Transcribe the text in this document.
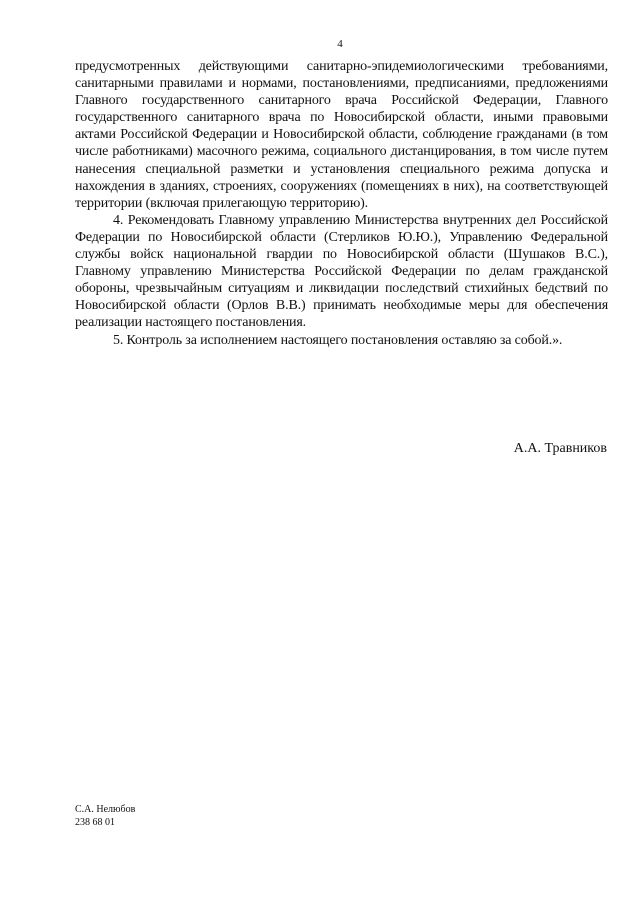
4

предусмотренных действующими санитарно-эпидемиологическими требованиями, санитарными правилами и нормами, постановлениями, предписаниями, предложениями Главного государственного санитарного врача Российской Федерации, Главного государственного санитарного врача по Новосибирской области, иными правовыми актами Российской Федерации и Новосибирской области, соблюдение гражданами (в том числе работниками) масочного режима, социального дистанцирования, в том числе путем нанесения специальной разметки и установления специального режима допуска и нахождения в зданиях, строениях, сооружениях (помещениях в них), на соответствующей территории (включая прилегающую территорию).

4. Рекомендовать Главному управлению Министерства внутренних дел Российской Федерации по Новосибирской области (Стерликов Ю.Ю.), Управлению Федеральной службы войск национальной гвардии по Новосибирской области (Шушаков В.С.), Главному управлению Министерства Российской Федерации по делам гражданской обороны, чрезвычайным ситуациям и ликвидации последствий стихийных бедствий по Новосибирской области (Орлов В.В.) принимать необходимые меры для обеспечения реализации настоящего постановления.

5. Контроль за исполнением настоящего постановления оставляю за собой.».

А.А. Травников
С.А. Нелюбов
238 68 01
